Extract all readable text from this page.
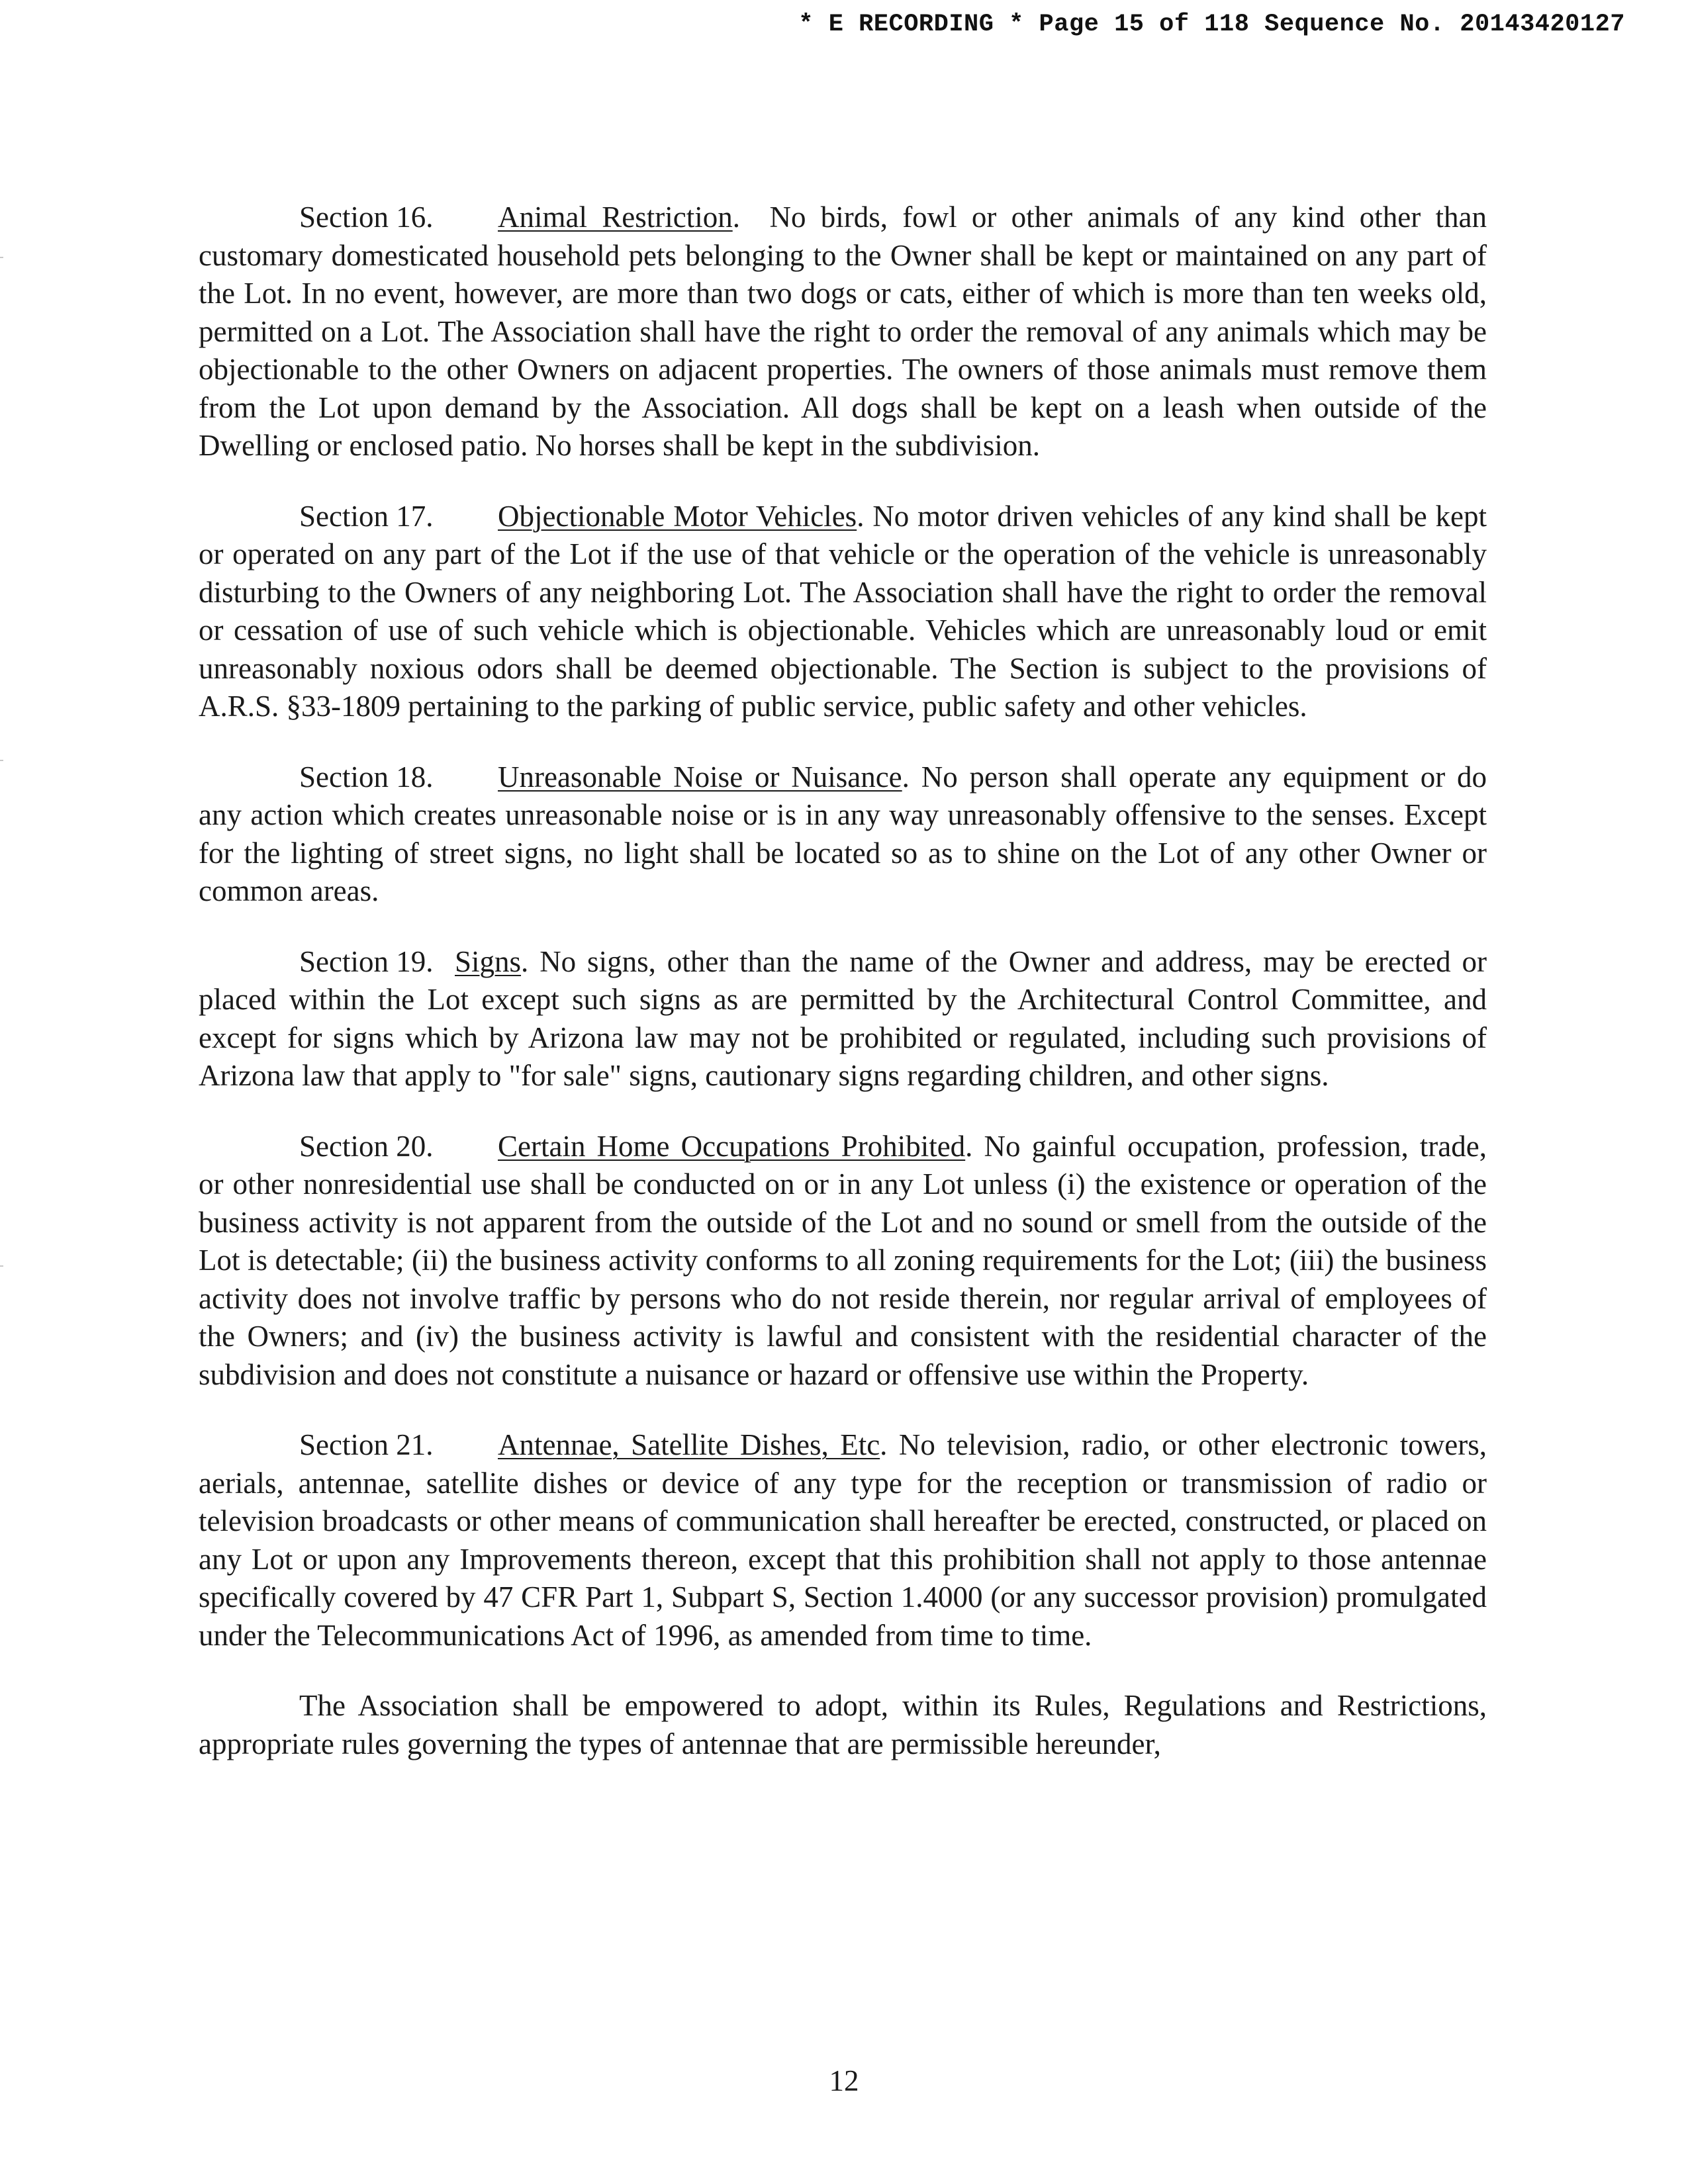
* E RECORDING * Page 15 of 118 Sequence No. 20143420127

Section 16. Animal Restriction.  No birds, fowl or other animals of any kind other than customary domesticated household pets belonging to the Owner shall be kept or maintained on any part of the Lot. In no event, however, are more than two dogs or cats, either of which is more than ten weeks old, permitted on a Lot. The Association shall have the right to order the removal of any animals which may be objectionable to the other Owners on adjacent properties. The owners of those animals must remove them from the Lot upon demand by the Association. All dogs shall be kept on a leash when outside of the Dwelling or enclosed patio. No horses shall be kept in the subdivision.

Section 17. Objectionable Motor Vehicles. No motor driven vehicles of any kind shall be kept or operated on any part of the Lot if the use of that vehicle or the operation of the vehicle is unreasonably disturbing to the Owners of any neighboring Lot. The Association shall have the right to order the removal or cessation of use of such vehicle which is objectionable. Vehicles which are unreasonably loud or emit unreasonably noxious odors shall be deemed objectionable. The Section is subject to the provisions of A.R.S. §33-1809 pertaining to the parking of public service, public safety and other vehicles.

Section 18. Unreasonable Noise or Nuisance. No person shall operate any equipment or do any action which creates unreasonable noise or is in any way unreasonably offensive to the senses. Except for the lighting of street signs, no light shall be located so as to shine on the Lot of any other Owner or common areas.

Section 19. Signs. No signs, other than the name of the Owner and address, may be erected or placed within the Lot except such signs as are permitted by the Architectural Control Committee, and except for signs which by Arizona law may not be prohibited or regulated, including such provisions of Arizona law that apply to "for sale" signs, cautionary signs regarding children, and other signs.

Section 20. Certain Home Occupations Prohibited. No gainful occupation, profession, trade, or other nonresidential use shall be conducted on or in any Lot unless (i) the existence or operation of the business activity is not apparent from the outside of the Lot and no sound or smell from the outside of the Lot is detectable; (ii) the business activity conforms to all zoning requirements for the Lot; (iii) the business activity does not involve traffic by persons who do not reside therein, nor regular arrival of employees of the Owners; and (iv) the business activity is lawful and consistent with the residential character of the subdivision and does not constitute a nuisance or hazard or offensive use within the Property.

Section 21. Antennae, Satellite Dishes, Etc. No television, radio, or other electronic towers, aerials, antennae, satellite dishes or device of any type for the reception or transmission of radio or television broadcasts or other means of communication shall hereafter be erected, constructed, or placed on any Lot or upon any Improvements thereon, except that this prohibition shall not apply to those antennae specifically covered by 47 CFR Part 1, Subpart S, Section 1.4000 (or any successor provision) promulgated under the Telecommunications Act of 1996, as amended from time to time.

The Association shall be empowered to adopt, within its Rules, Regulations and Restrictions, appropriate rules governing the types of antennae that are permissible hereunder,

12
